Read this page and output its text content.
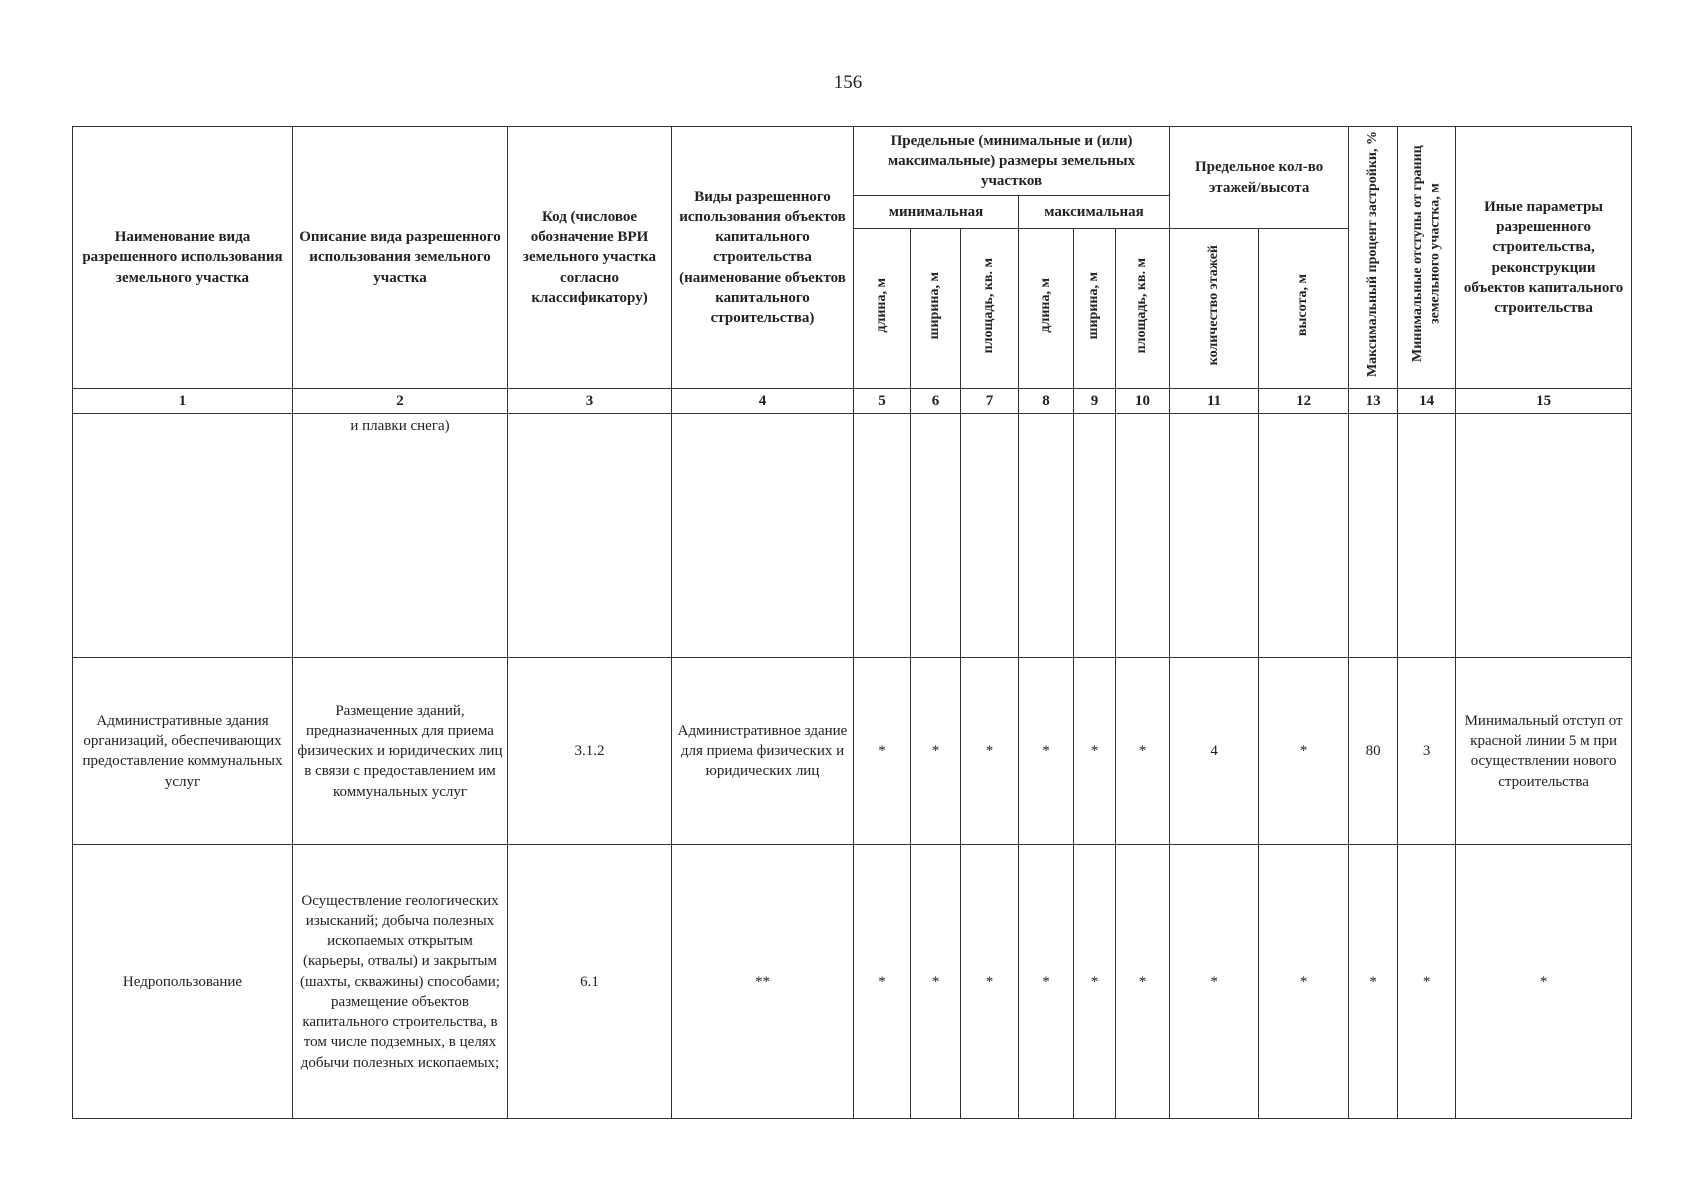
156
Наименование вида разрешенного использования земельного участка	Описание вида разрешенного использования земельного участка	Код (числовое обозначение ВРИ земельного участка согласно классификатору)	Виды разрешенного использования объектов капитального строительства (наименование объектов капитального строительства)	Предельные (минимальные и (или) максимальные) размеры земельных участков						Предельное кол-во этажей/высота		Максимальный процент застройки, %	Минимальные отступы от границ земельного участка, м	Иные параметры разрешенного строительства, реконструкции объектов капитального строительства
				минимальная			максимальная							
				длина, м	ширина, м	площадь, кв. м	длина, м	ширина, м	площадь, кв. м	количество этажей	высота, м			
1	2	3	4	5	6	7	8	9	10	11	12	13	14	15
	и плавки снега)													
Административные здания организаций, обеспечивающих предоставление коммунальных услуг	Размещение зданий, предназначенных для приема физических и юридических лиц в связи с предоставлением им коммунальных услуг	3.1.2	Административное здание для приема физических и юридических лиц	*	*	*	*	*	*	4	*	80	3	Минимальный отступ от красной линии 5 м при осуществлении нового строительства
Недропользование	Осуществление геологических изысканий; добыча полезных ископаемых открытым (карьеры, отвалы) и закрытым (шахты, скважины) способами; размещение объектов капитального строительства, в том числе подземных, в целях добычи полезных ископаемых;	6.1	**	*	*	*	*	*	*	*	*	*	*	*
